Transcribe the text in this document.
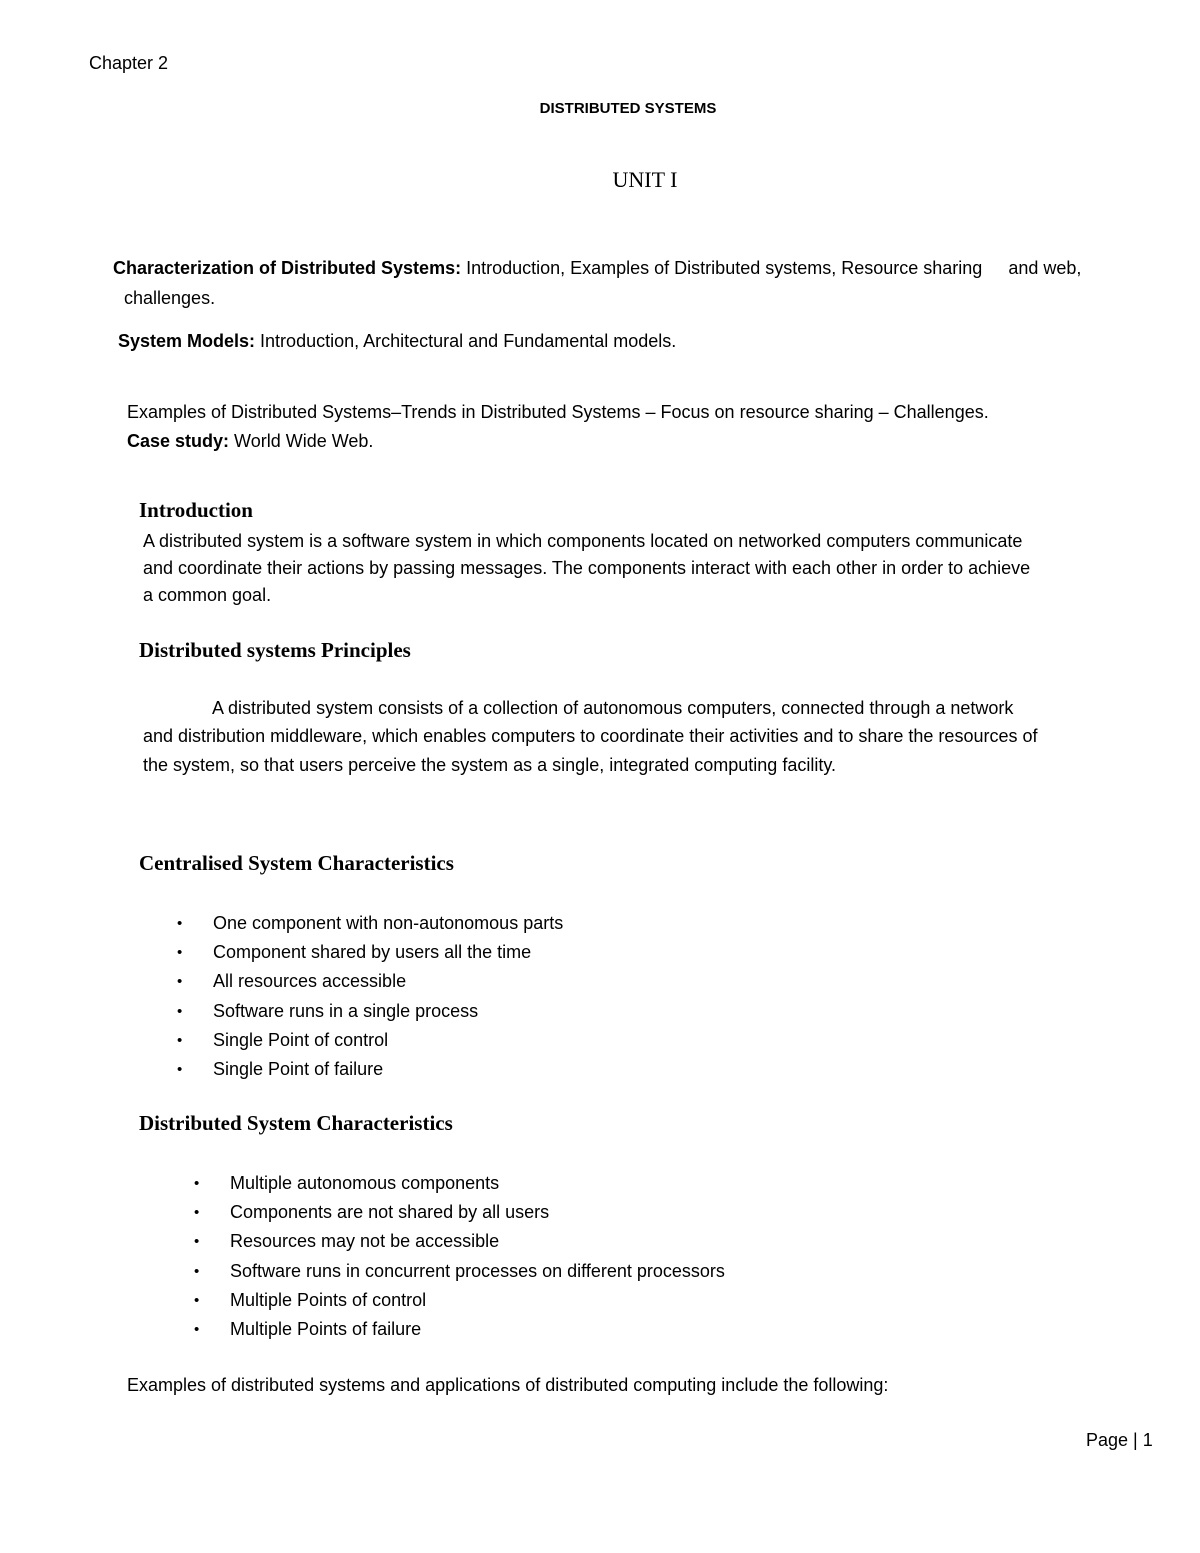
Chapter 2
DISTRIBUTED SYSTEMS
UNIT I
Characterization of Distributed Systems: Introduction, Examples of Distributed systems, Resource sharing and web,
challenges.
System Models: Introduction, Architectural and Fundamental models.
Examples of Distributed Systems–Trends in Distributed Systems – Focus on resource sharing – Challenges.
Case study: World Wide Web.
Introduction
A distributed system is a software system in which components located on networked computers communicate and coordinate their actions by passing messages. The components interact with each other in order to achieve a common goal.
Distributed systems Principles
A distributed system consists of a collection of autonomous computers, connected through a network and distribution middleware, which enables computers to coordinate their activities and to share the resources of the system, so that users perceive the system as a single, integrated computing facility.
Centralised System Characteristics
• One component with non-autonomous parts
• Component shared by users all the time
• All resources accessible
• Software runs in a single process
• Single Point of control
• Single Point of failure
Distributed System Characteristics
• Multiple autonomous components
• Components are not shared by all users
• Resources may not be accessible
• Software runs in concurrent processes on different processors
• Multiple Points of control
• Multiple Points of failure
Examples of distributed systems and applications of distributed computing include the following:
Page | 1
